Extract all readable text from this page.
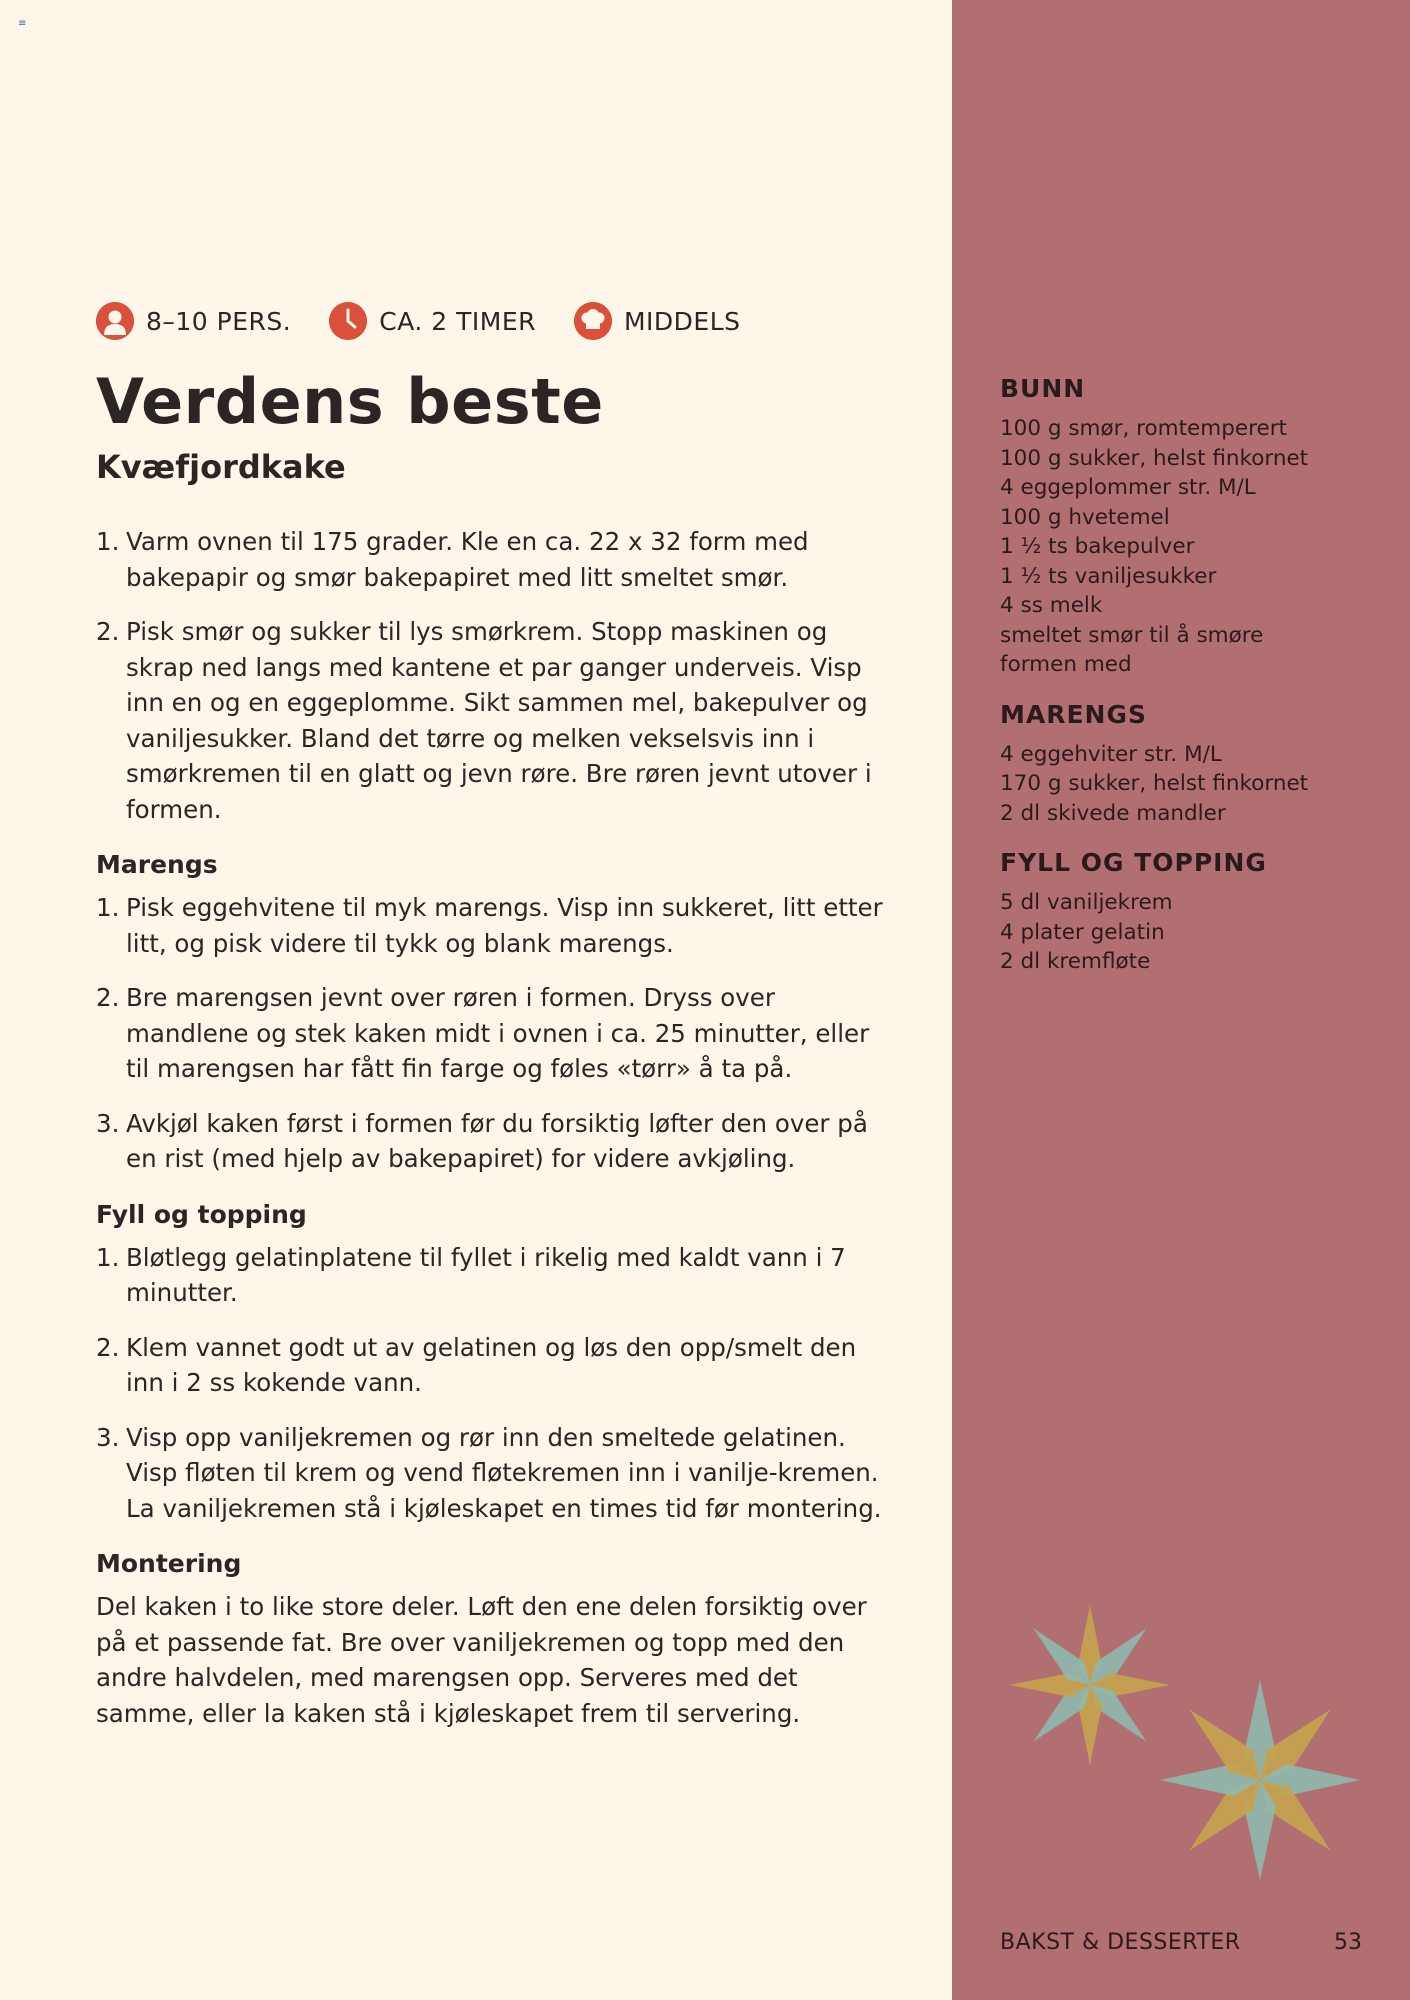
≡
8–10 PERS.	CA. 2 TIMER	MIDDELS
Verdens beste
Kvæfjordkake
1. Varm ovnen til 175 grader. Kle en ca. 22 x 32 form med bakepapir og smør bakepapiret med litt smeltet smør.
2. Pisk smør og sukker til lys smørkrem. Stopp maskinen og skrap ned langs med kantene et par ganger underveis. Visp inn en og en eggeplomme. Sikt sammen mel, bakepulver og vaniljesukker. Bland det tørre og melken vekselsvis inn i smørkremen til en glatt og jevn røre. Bre røren jevnt utover i formen.
Marengs
1. Pisk eggehvitene til myk marengs. Visp inn sukkeret, litt etter litt, og pisk videre til tykk og blank marengs.
2. Bre marengsen jevnt over røren i formen. Dryss over mandlene og stek kaken midt i ovnen i ca. 25 minutter, eller til marengsen har fått fin farge og føles «tørr» å ta på.
3. Avkjøl kaken først i formen før du forsiktig løfter den over på en rist (med hjelp av bakepapiret) for videre avkjøling.
Fyll og topping
1. Bløtlegg gelatinplatene til fyllet i rikelig med kaldt vann i 7 minutter.
2. Klem vannet godt ut av gelatinen og løs den opp/smelt den inn i 2 ss kokende vann.
3. Visp opp vaniljekremen og rør inn den smeltede gelatinen. Visp fløten til krem og vend fløtekremen inn i vanilje-kremen. La vaniljekremen stå i kjøleskapet en times tid før montering.
Montering

Del kaken i to like store deler. Løft den ene delen forsiktig over på et passende fat. Bre over vaniljekremen og topp med den andre halvdelen, med marengsen opp. Serveres med det samme, eller la kaken stå i kjøleskapet frem til servering.

BUNN
100 g smør, romtemperert
100 g sukker, helst finkornet
4 eggeplommer str. M/L
100 g hvetemel
1 ½ ts bakepulver
1 ½ ts vaniljesukker
4 ss melk
smeltet smør til å smøre
formen med
MARENGS
4 eggehviter str. M/L
170 g sukker, helst finkornet
2 dl skivede mandler
FYLL OG TOPPING
5 dl vaniljekrem
4 plater gelatin
2 dl kremfløte
BAKST & DESSERTER	53
